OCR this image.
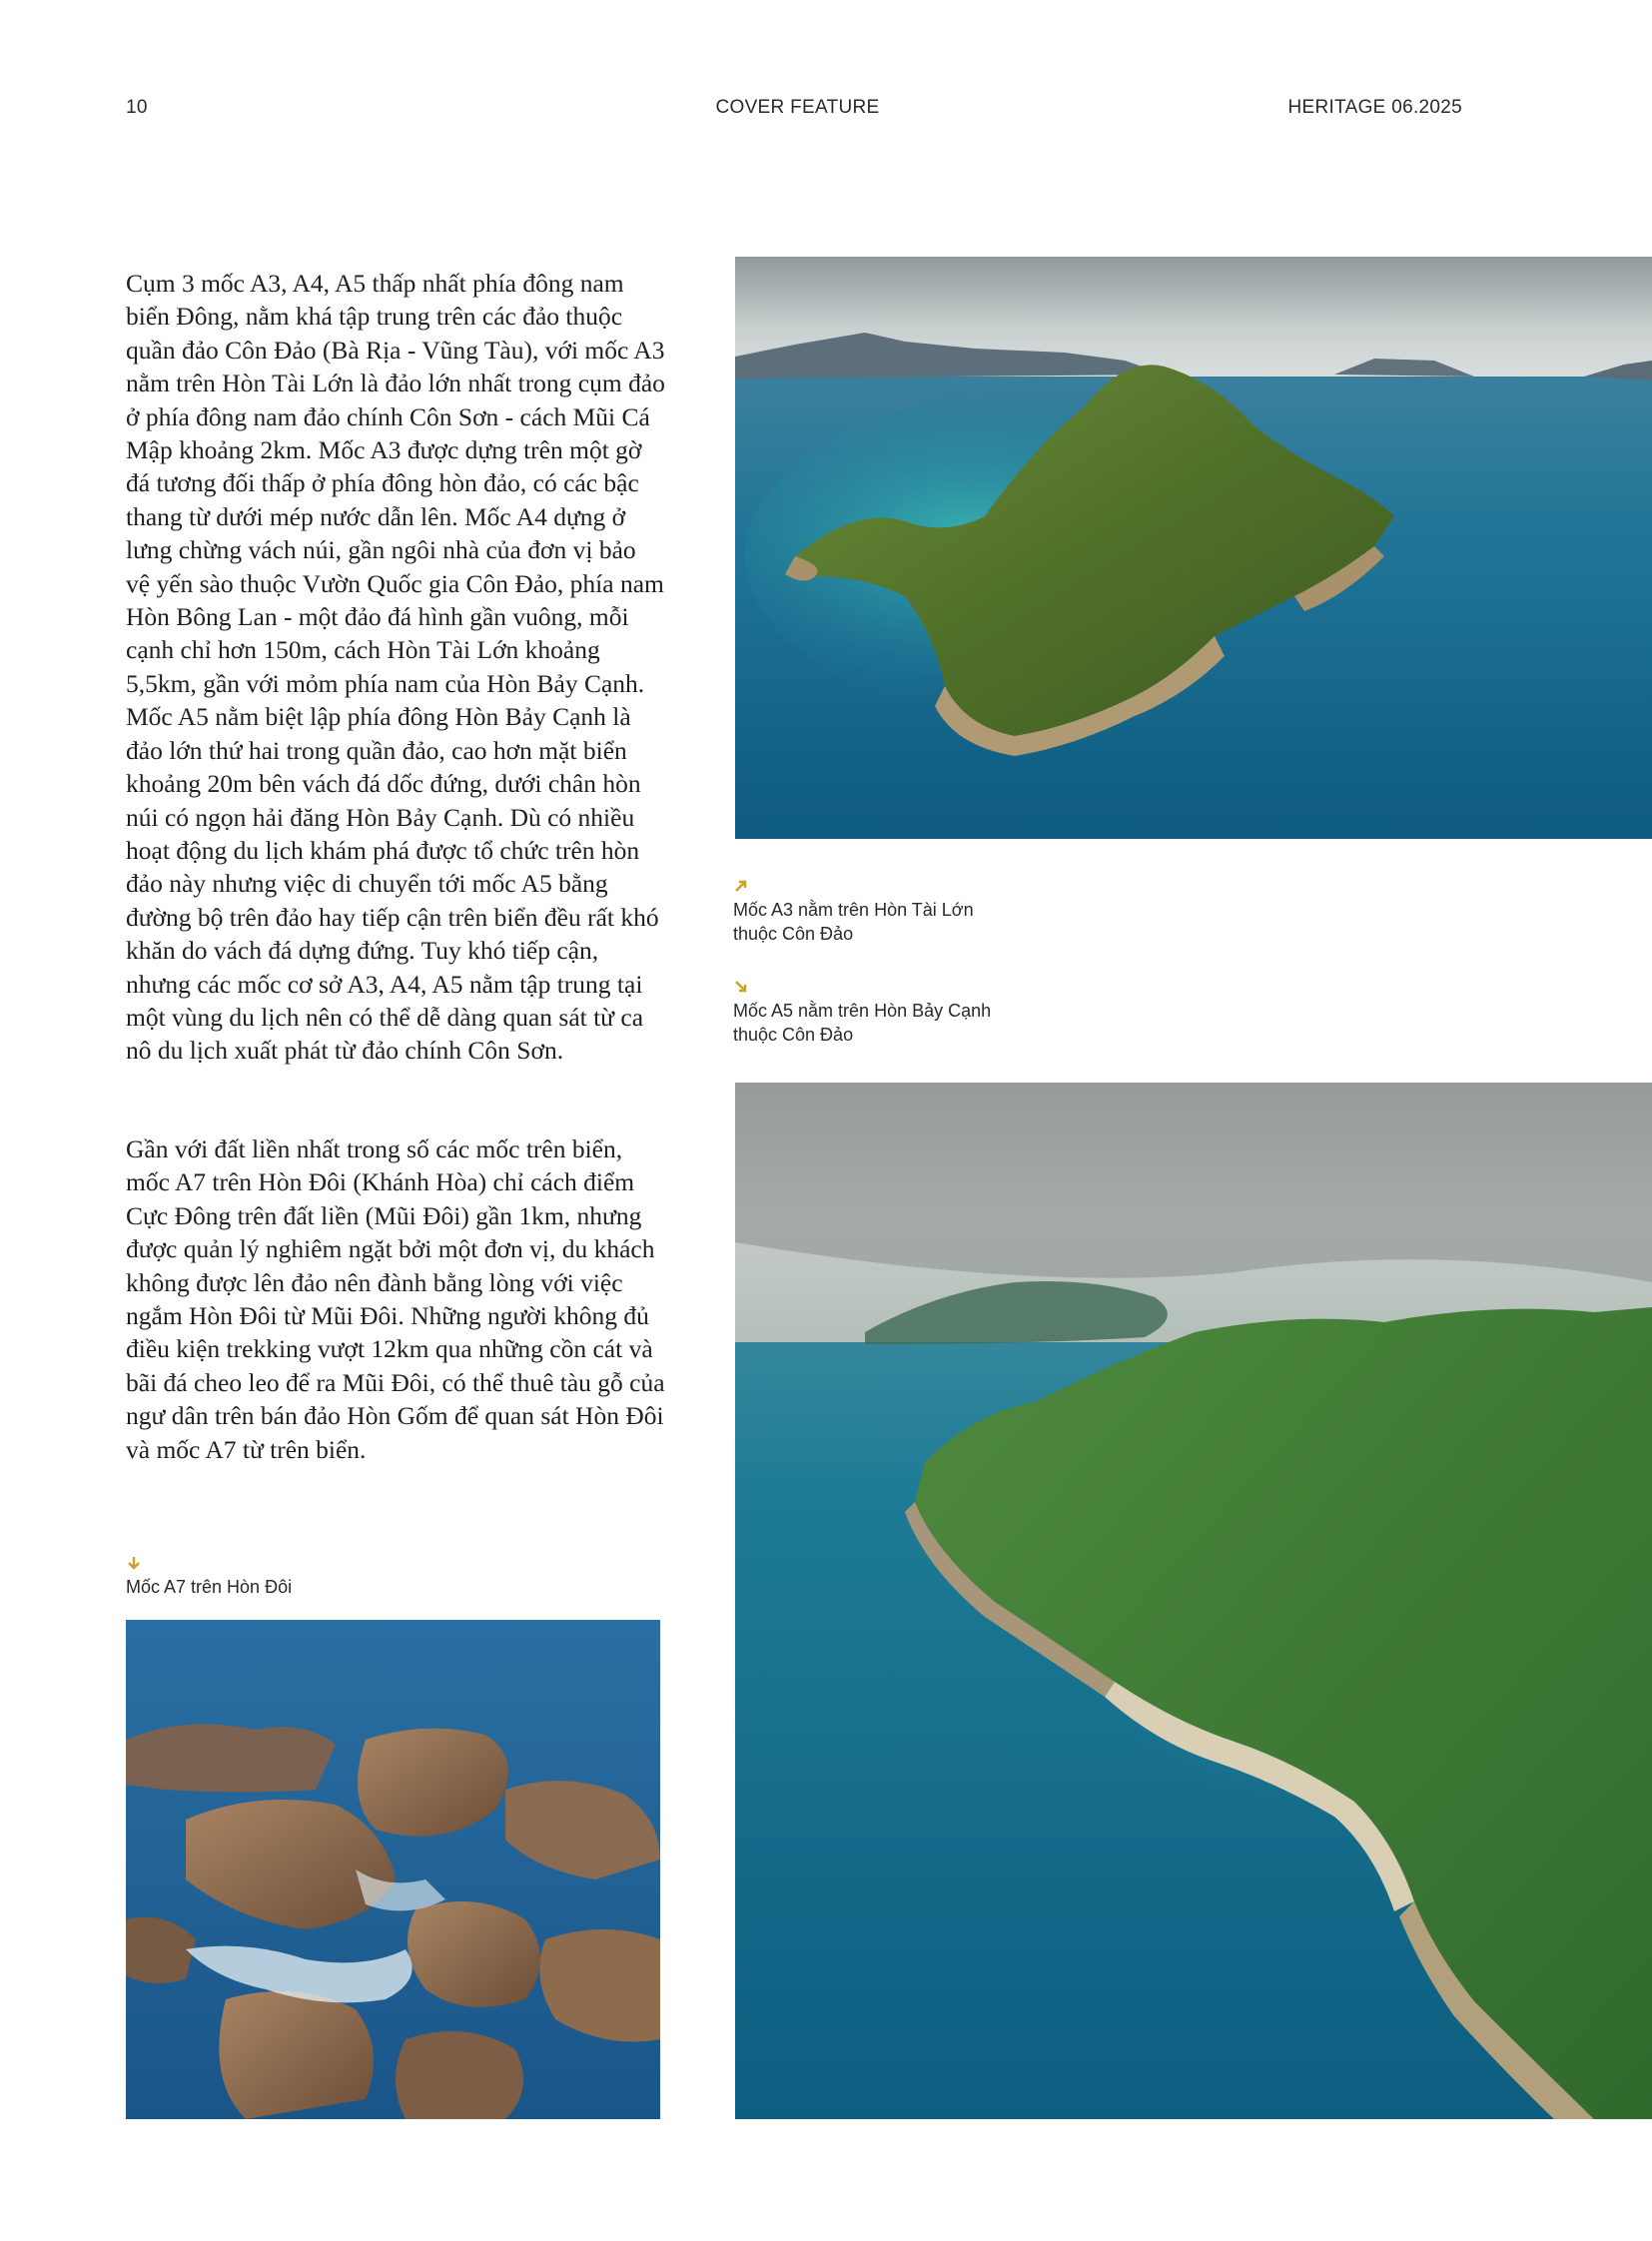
10	COVER FEATURE	HERITAGE 06.2025

Cụm 3 mốc A3, A4, A5 thấp nhất phía đông nam biển Đông, nằm khá tập trung trên các đảo thuộc quần đảo Côn Đảo (Bà Rịa - Vũng Tàu), với mốc A3 nằm trên Hòn Tài Lớn là đảo lớn nhất trong cụm đảo ở phía đông nam đảo chính Côn Sơn - cách Mũi Cá Mập khoảng 2km. Mốc A3 được dựng trên một gờ đá tương đối thấp ở phía đông hòn đảo, có các bậc thang từ dưới mép nước dẫn lên. Mốc A4 dựng ở lưng chừng vách núi, gần ngôi nhà của đơn vị bảo vệ yến sào thuộc Vườn Quốc gia Côn Đảo, phía nam Hòn Bông Lan - một đảo đá hình gần vuông, mỗi cạnh chỉ hơn 150m, cách Hòn Tài Lớn khoảng 5,5km, gần với mỏm phía nam của Hòn Bảy Cạnh. Mốc A5 nằm biệt lập phía đông Hòn Bảy Cạnh là đảo lớn thứ hai trong quần đảo, cao hơn mặt biển khoảng 20m bên vách đá dốc đứng, dưới chân hòn núi có ngọn hải đăng Hòn Bảy Cạnh. Dù có nhiều hoạt động du lịch khám phá được tổ chức trên hòn đảo này nhưng việc di chuyển tới mốc A5 bằng đường bộ trên đảo hay tiếp cận trên biển đều rất khó khăn do vách đá dựng đứng. Tuy khó tiếp cận, nhưng các mốc cơ sở A3, A4, A5 nằm tập trung tại một vùng du lịch nên có thể dễ dàng quan sát từ ca nô du lịch xuất phát từ đảo chính Côn Sơn.

Gần với đất liền nhất trong số các mốc trên biển, mốc A7 trên Hòn Đôi (Khánh Hòa) chỉ cách điểm Cực Đông trên đất liền (Mũi Đôi) gần 1km, nhưng được quản lý nghiêm ngặt bởi một đơn vị, du khách không được lên đảo nên đành bằng lòng với việc ngắm Hòn Đôi từ Mũi Đôi. Những người không đủ điều kiện trekking vượt 12km qua những cồn cát và bãi đá cheo leo để ra Mũi Đôi, có thể thuê tàu gỗ của ngư dân trên bán đảo Hòn Gốm để quan sát Hòn Đôi và mốc A7 từ trên biển.

Mốc A3 nằm trên Hòn Tài Lớn
thuộc Côn Đảo
Mốc A5 nằm trên Hòn Bảy Cạnh
thuộc Côn Đảo
Mốc A7 trên Hòn Đôi
